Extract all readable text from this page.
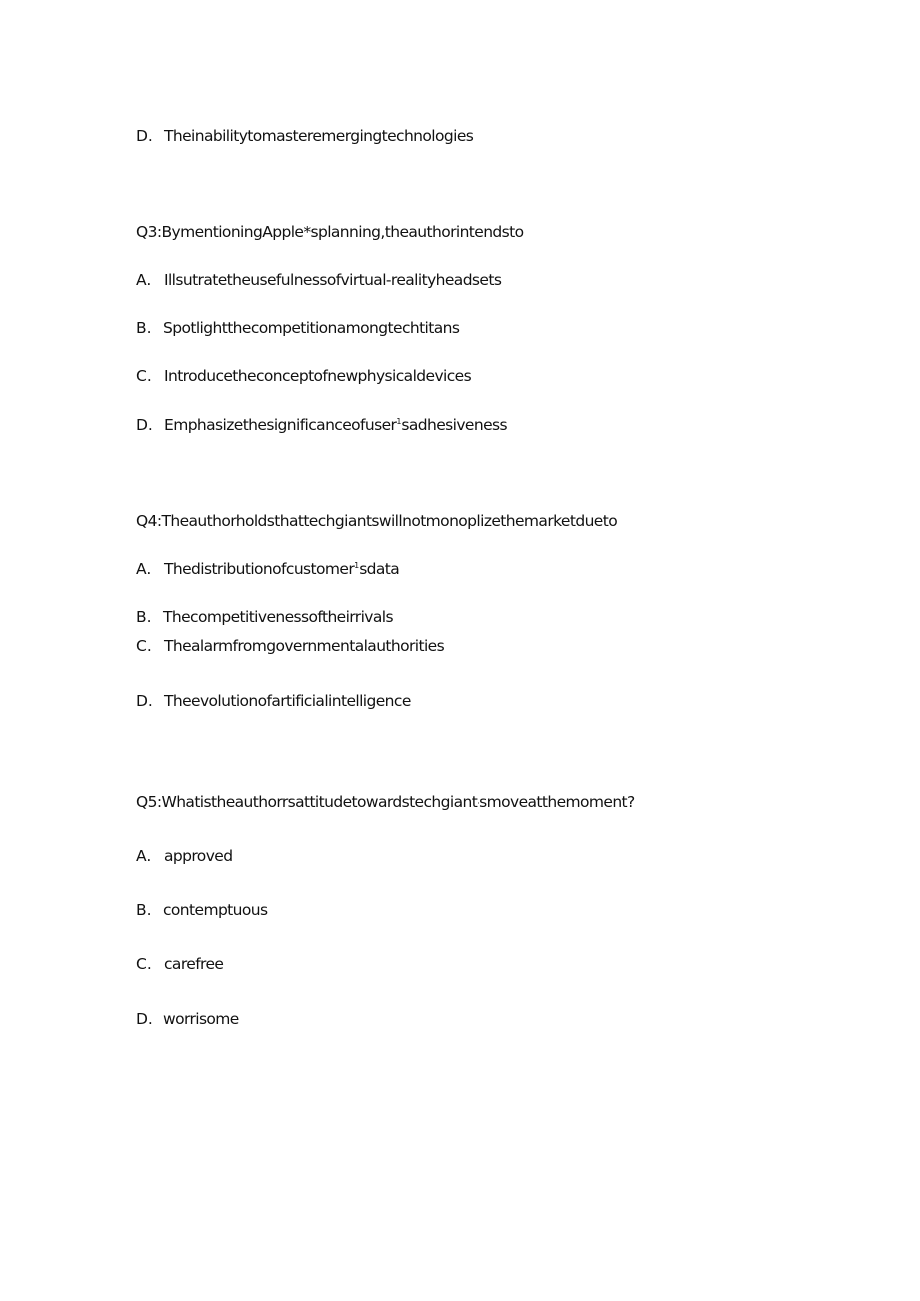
D. Theinabilitytomasteremergingtechnologies
Q3:BymentioningApple*splanning,theauthorintendsto
A. Illsutratetheusefulnessofvirtual-realityheadsets
B. Spotlightthecompetitionamongtechtitans
C. Introducetheconceptofnewphysicaldevices
D. Emphasizethesignificanceofuser$^1$sadhesiveness
Q4:Theauthorholdsthattechgiantswillnotmonoplizethemarketdueto
A. Thedistributionofcustomer$^1$sdata
B. Thecompetitivenessoftheirrivals
C. Thealarmfromgovernmentalauthorities
D. Theevolutionofartificialintelligence
Q5:Whatistheauthorrsattitudetowardstechgiant·smoveatthemoment?
A. approved
B. contemptuous
C. carefree
D. worrisome
